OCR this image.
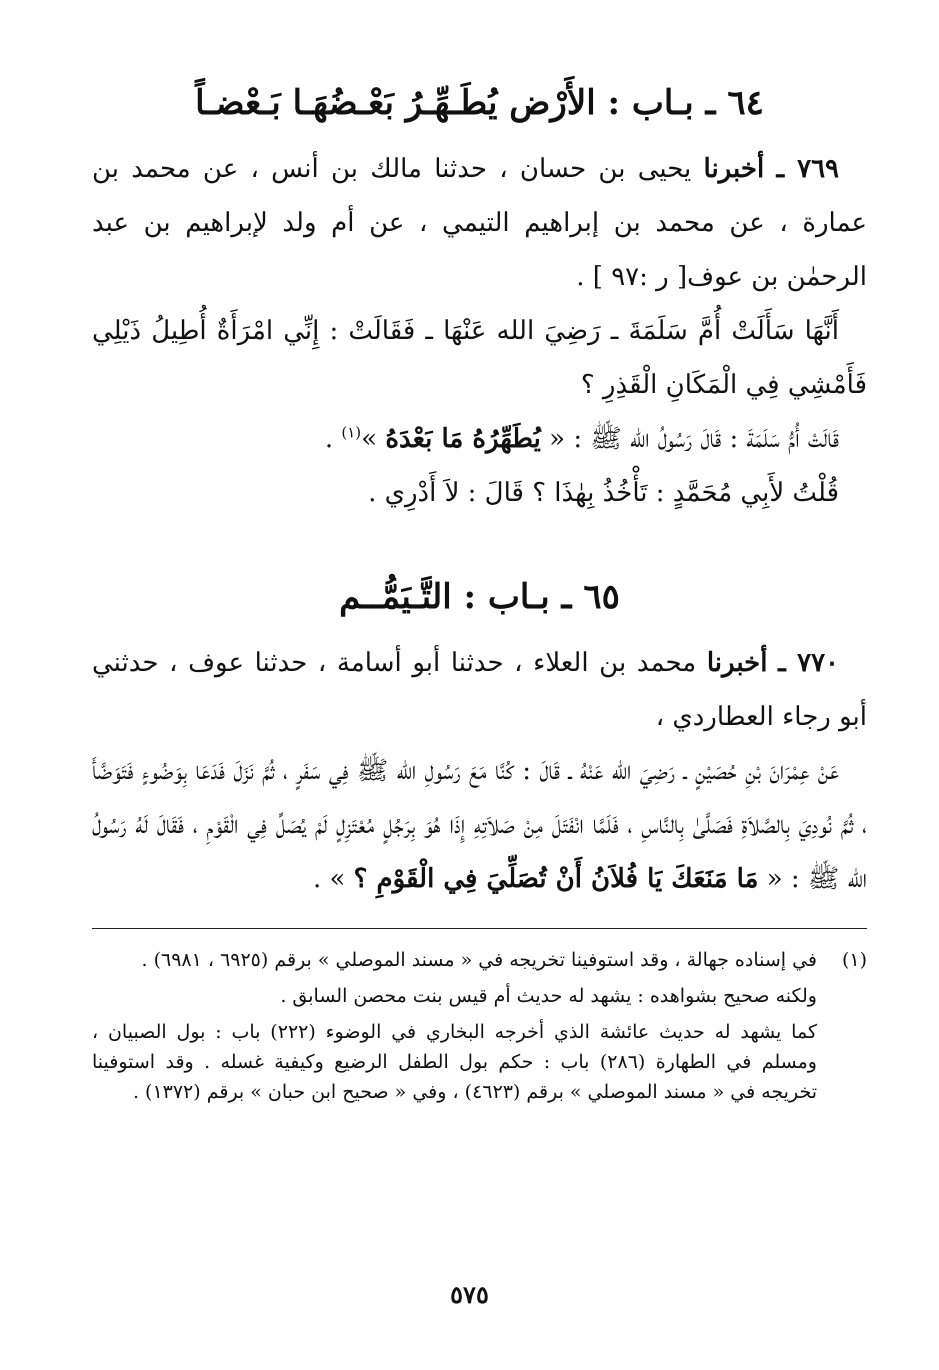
٦٤ ـ بـاب : الأَرْض يُطَـهِّـرُ بَعْـضُهَـا بَـعْضـاً

٧٦٩ ـ أخبرنا يحيى بن حسان ، حدثنا مالك بن أنس ، عن محمد بن عمارة ، عن محمد بن إبراهيم التيمي ، عن أم ولد لإبراهيم بن عبد الرحمٰن بن عوف[ ر :٩٧ ] .

أَنَّهَا سَأَلَتْ أُمَّ سَلَمَةَ ـ رَضِيَ الله عَنْهَا ـ فَقَالَتْ : إِنِّي امْرَأَةٌ أُطِيلُ ذَيْلِي فَأَمْشِي فِي الْمَكَانِ الْقَذِرِ ؟

قَالَتْ أُمُّ سَلَمَةَ : قَالَ رَسُولُ الله ﷺ : « يُطَهِّرُهُ مَا بَعْدَهُ »$^{(١)}$ .

قُلْتُ لأَبِي مُحَمَّدٍ : تَأْخُذُ بِهٰذَا ؟ قَالَ : لاَ أَدْرِي .

٦٥ ـ بـاب : التَّـيَمُّــم

٧٧٠ ـ أخبرنا محمد بن العلاء ، حدثنا أبو أسامة ، حدثنا عوف ، حدثني أبو رجاء العطاردي ،

عَنْ عِمْرَانَ بْنِ حُصَيْنٍ ـ رَضِيَ الله عَنْهُ ـ قَالَ : كُنَّا مَعَ رَسُولِ الله ﷺ فِي سَفَرٍ ، ثُمَّ نَزَلَ فَدَعَا بِوَضُوءٍ فَتَوَضَّأَ ، ثُمَّ نُودِيَ بِالصَّلاَةِ فَصَلَّىٰ بِالنَّاسِ ، فَلَمَّا انْفَتَلَ مِنْ صَلاَتِهِ إِذَا هُوَ بِرَجُلٍ مُعْتَزِلٍ لَمْ يُصَلِّ فِي الْقَوْمِ ، فَقَالَ لَهُ رَسُولُ الله ﷺ : « مَا مَنَعَكَ يَا فُلاَنُ أَنْ تُصَلِّيَ فِي الْقَوْمِ ؟ » .

(١)
في إسناده جهالة ، وقد استوفينا تخريجه في « مسند الموصلي » برقم (٦٩٢٥ ، ٦٩٨١) .

ولكنه صحيح بشواهده : يشهد له حديث أم قيس بنت محصن السابق .

كما يشهد له حديث عائشة الذي أخرجه البخاري في الوضوء (٢٢٢) باب : بول الصبيان ، ومسلم في الطهارة (٢٨٦) باب : حكم بول الطفل الرضيع وكيفية غسله . وقد استوفينا تخريجه في « مسند الموصلي » برقم (٤٦٢٣) ، وفي « صحيح ابن حبان » برقم (١٣٧٢) .

٥٧٥
